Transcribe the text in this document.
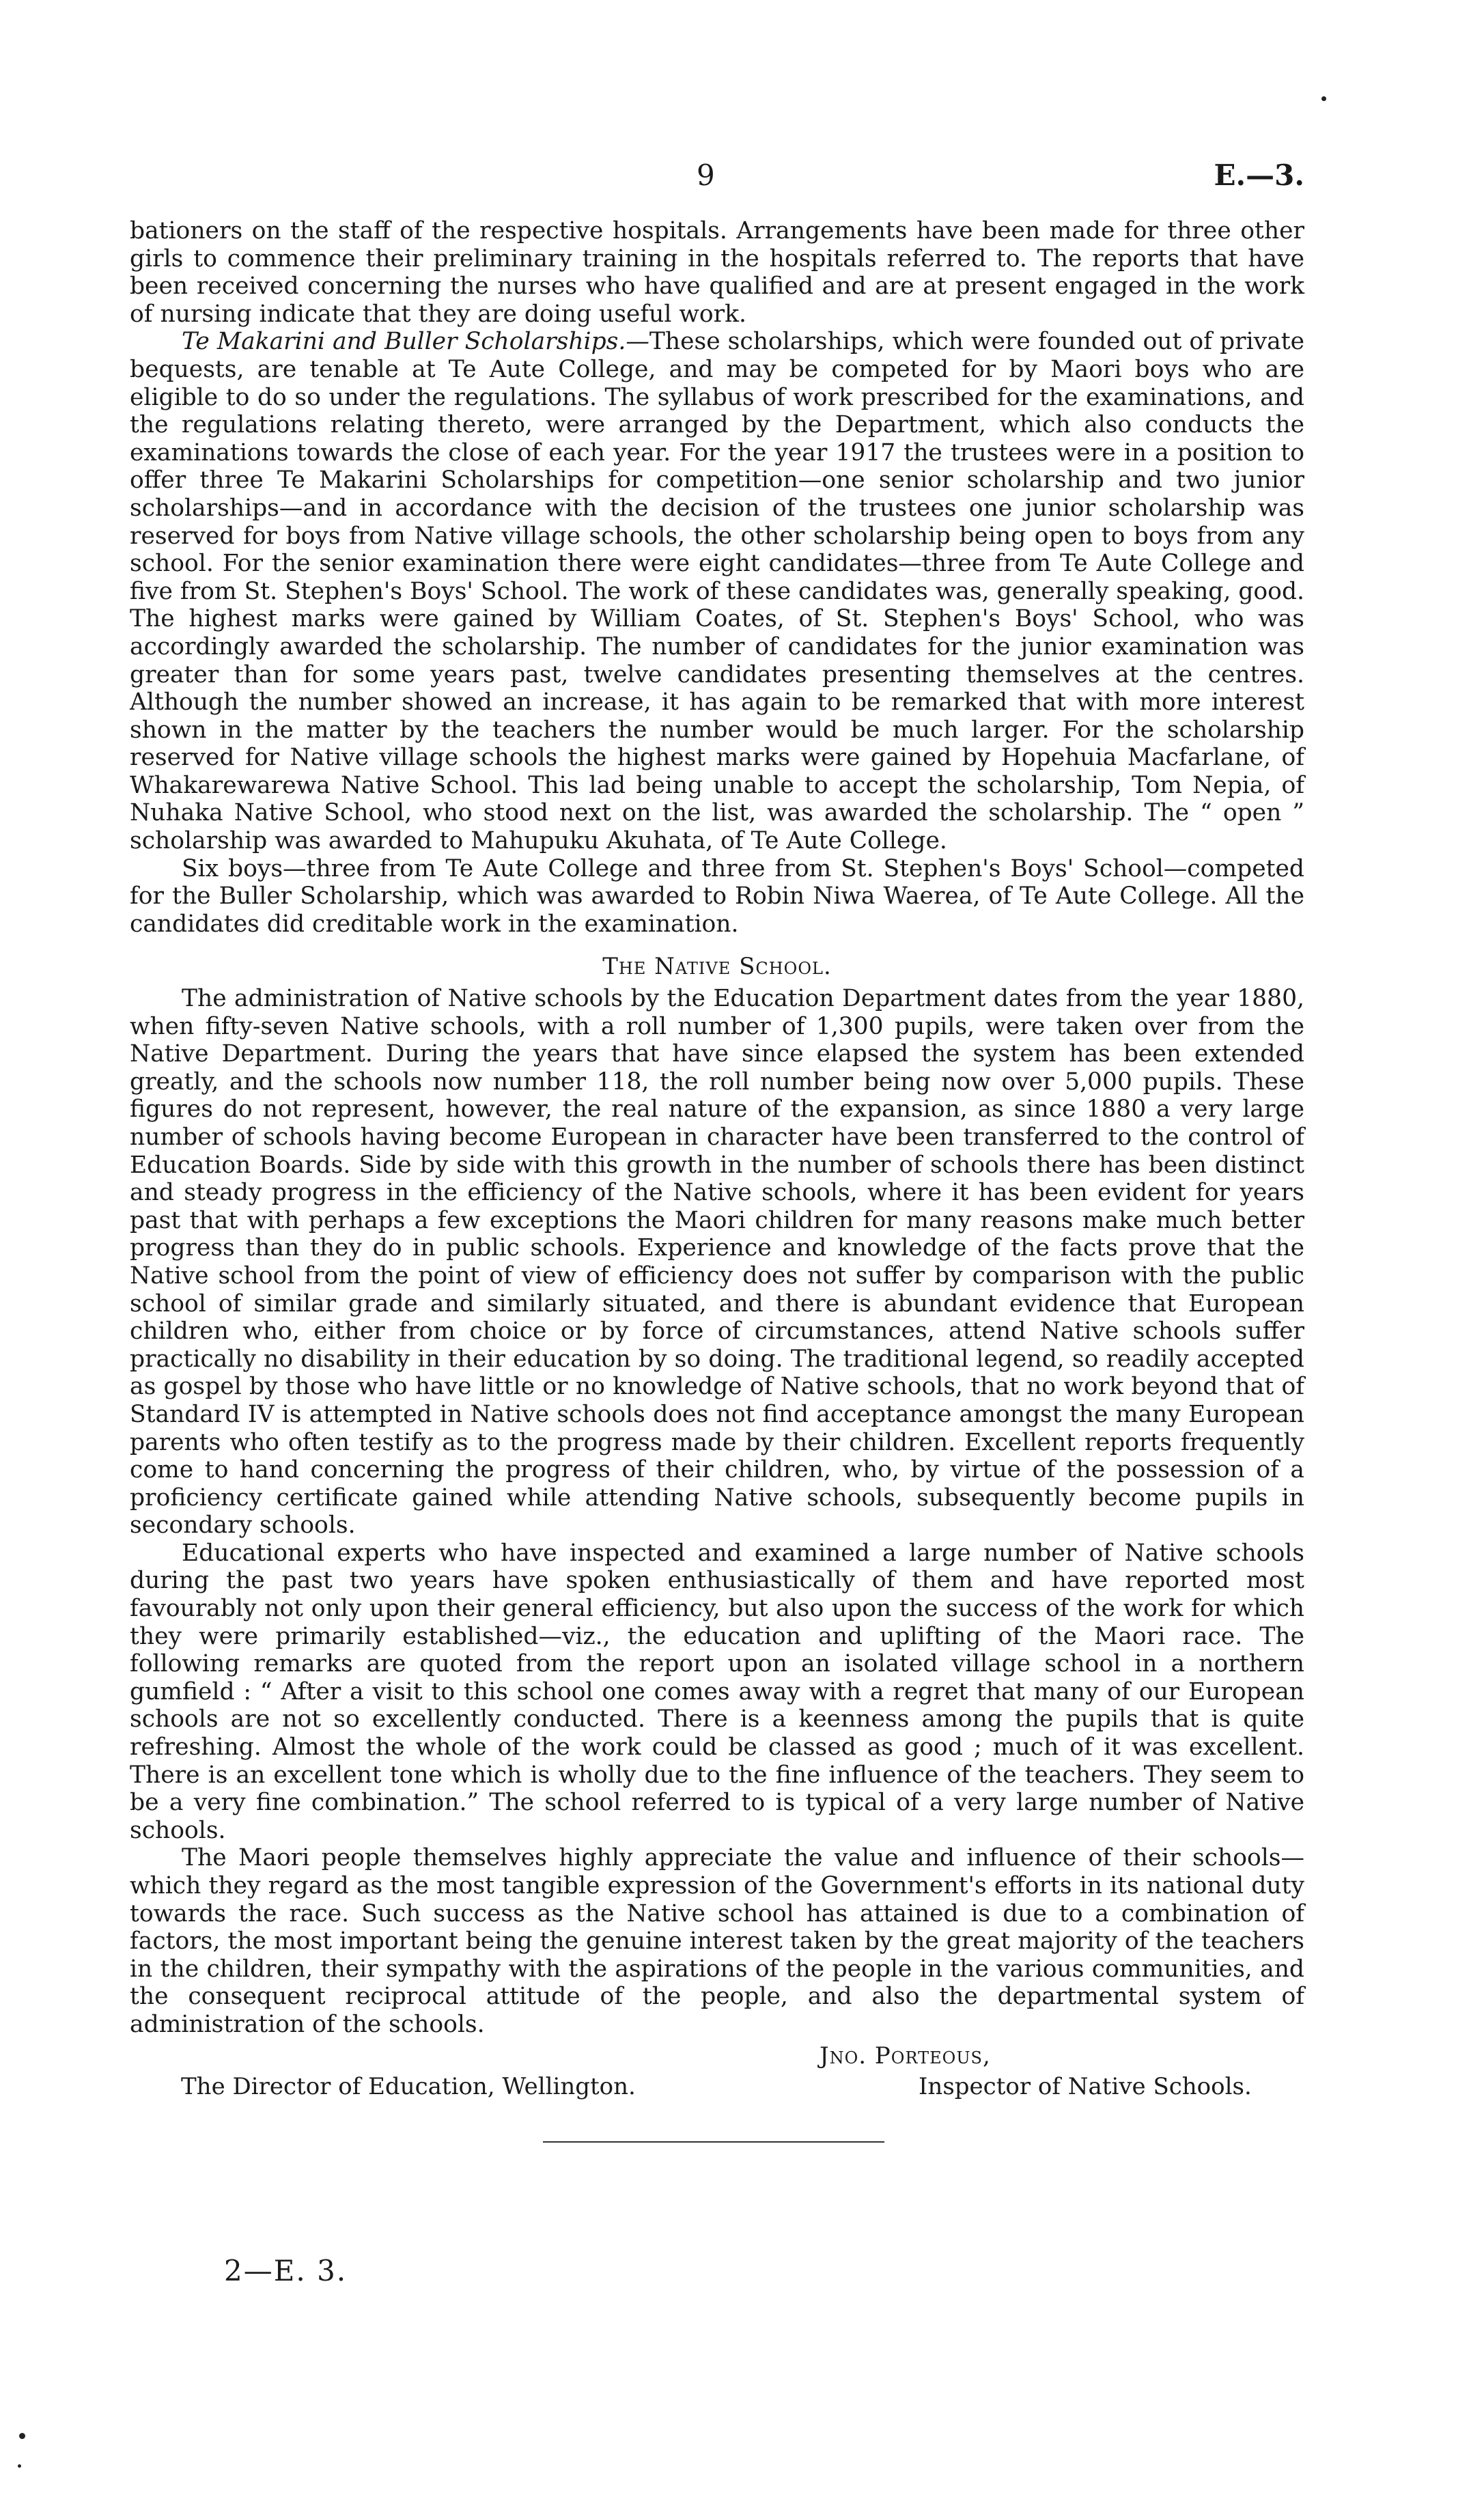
9	E.—3.

bationers on the staff of the respective hospitals. Arrangements have been made for three other girls to commence their preliminary training in the hospitals referred to. The reports that have been received concerning the nurses who have qualified and are at present engaged in the work of nursing indicate that they are doing useful work.

Te Makarini and Buller Scholarships.—These scholarships, which were founded out of private bequests, are tenable at Te Aute College, and may be competed for by Maori boys who are eligible to do so under the regulations. The syllabus of work prescribed for the examinations, and the regulations relating thereto, were arranged by the Department, which also conducts the examinations towards the close of each year. For the year 1917 the trustees were in a position to offer three Te Makarini Scholarships for competition—one senior scholarship and two junior scholarships—and in accordance with the decision of the trustees one junior scholarship was reserved for boys from Native village schools, the other scholarship being open to boys from any school. For the senior examination there were eight candidates—three from Te Aute College and five from St. Stephen's Boys' School. The work of these candidates was, generally speaking, good. The highest marks were gained by William Coates, of St. Stephen's Boys' School, who was accordingly awarded the scholarship. The number of candidates for the junior examination was greater than for some years past, twelve candidates presenting themselves at the centres. Although the number showed an increase, it has again to be remarked that with more interest shown in the matter by the teachers the number would be much larger. For the scholarship reserved for Native village schools the highest marks were gained by Hopehuia Macfarlane, of Whakarewarewa Native School. This lad being unable to accept the scholarship, Tom Nepia, of Nuhaka Native School, who stood next on the list, was awarded the scholarship. The “ open ” scholarship was awarded to Mahupuku Akuhata, of Te Aute College.

Six boys—three from Te Aute College and three from St. Stephen's Boys' School—competed for the Buller Scholarship, which was awarded to Robin Niwa Waerea, of Te Aute College. All the candidates did creditable work in the examination.

The Native School.

The administration of Native schools by the Education Department dates from the year 1880, when fifty-seven Native schools, with a roll number of 1,300 pupils, were taken over from the Native Department. During the years that have since elapsed the system has been extended greatly, and the schools now number 118, the roll number being now over 5,000 pupils. These figures do not represent, however, the real nature of the expansion, as since 1880 a very large number of schools having become European in character have been transferred to the control of Education Boards. Side by side with this growth in the number of schools there has been distinct and steady progress in the efficiency of the Native schools, where it has been evident for years past that with perhaps a few exceptions the Maori children for many reasons make much better progress than they do in public schools. Experience and knowledge of the facts prove that the Native school from the point of view of efficiency does not suffer by comparison with the public school of similar grade and similarly situated, and there is abundant evidence that European children who, either from choice or by force of circumstances, attend Native schools suffer practically no disability in their education by so doing. The traditional legend, so readily accepted as gospel by those who have little or no knowledge of Native schools, that no work beyond that of Standard IV is attempted in Native schools does not find acceptance amongst the many European parents who often testify as to the progress made by their children. Excellent reports frequently come to hand concerning the progress of their children, who, by virtue of the possession of a proficiency certificate gained while attending Native schools, subsequently become pupils in secondary schools.

Educational experts who have inspected and examined a large number of Native schools during the past two years have spoken enthusiastically of them and have reported most favourably not only upon their general efficiency, but also upon the success of the work for which they were primarily established—viz., the education and uplifting of the Maori race. The following remarks are quoted from the report upon an isolated village school in a northern gumfield : “ After a visit to this school one comes away with a regret that many of our European schools are not so excellently conducted. There is a keenness among the pupils that is quite refreshing. Almost the whole of the work could be classed as good ; much of it was excellent. There is an excellent tone which is wholly due to the fine influence of the teachers. They seem to be a very fine combination.” The school referred to is typical of a very large number of Native schools.

The Maori people themselves highly appreciate the value and influence of their schools—which they regard as the most tangible expression of the Government's efforts in its national duty towards the race. Such success as the Native school has attained is due to a combination of factors, the most important being the genuine interest taken by the great majority of the teachers in the children, their sympathy with the aspirations of the people in the various communities, and the consequent reciprocal attitude of the people, and also the departmental system of administration of the schools.

Jno. Porteous,
The Director of Education, Wellington.	Inspector of Native Schools.
2—E. 3.
